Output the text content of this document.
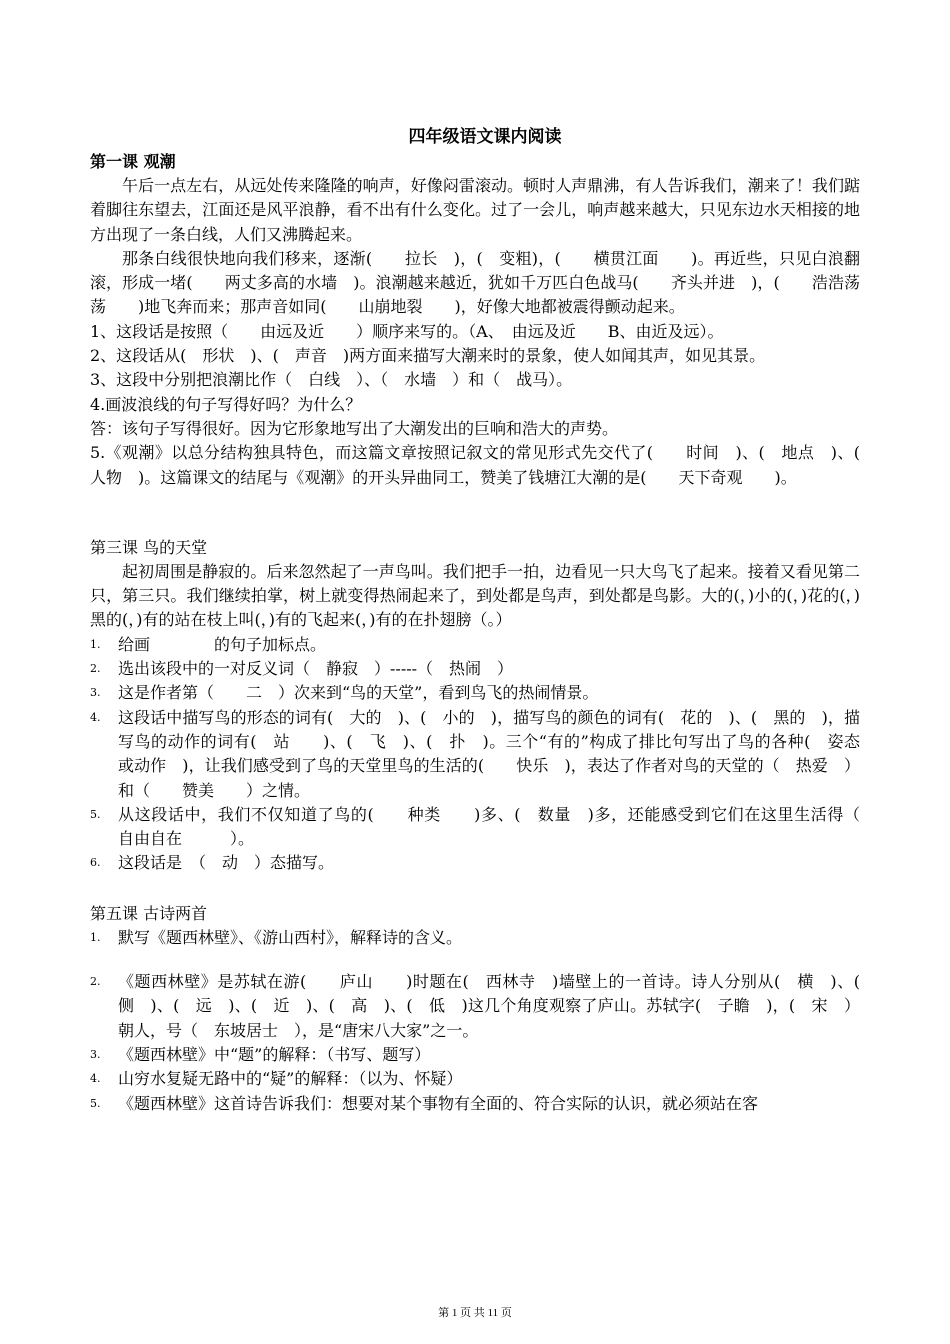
四年级语文课内阅读
第一课 观潮

午后一点左右，从远处传来隆隆的响声，好像闷雷滚动。顿时人声鼎沸，有人告诉我们，潮来了！我们踮着脚往东望去，江面还是风平浪静，看不出有什么变化。过了一会儿，响声越来越大，只见东边水天相接的地方出现了一条白线，人们又沸腾起来。

那条白线很快地向我们移来，逐渐(　　拉长　)，(　变粗)，(　　横贯江面　　)。再近些，只见白浪翻滚，形成一堵(　　两丈多高的水墙　)。浪潮越来越近，犹如千万匹白色战马(　　齐头并进　)，(　　浩浩荡荡　　)地飞奔而来；那声音如同(　　山崩地裂　　)，好像大地都被震得颤动起来。

1、这段话是按照（　　由远及近　　）顺序来写的。（A、　由远及近　　B、由近及远）。

2、这段话从(　形状　)、(　声音　)两方面来描写大潮来时的景象，使人如闻其声，如见其景。

3、这段中分别把浪潮比作（　白线　）、（　水墙　）和（　战马）。

4.画波浪线的句子写得好吗？为什么？

答：该句子写得很好。因为它形象地写出了大潮发出的巨响和浩大的声势。

5.《观潮》以总分结构独具特色，而这篇文章按照记叙文的常见形式先交代了(　　时间　)、(　地点　)、(　人物　)。这篇课文的结尾与《观潮》的开头异曲同工，赞美了钱塘江大潮的是(　　天下奇观　　)。

第三课 鸟的天堂

起初周围是静寂的。后来忽然起了一声鸟叫。我们把手一拍，边看见一只大鸟飞了起来。接着又看见第二只，第三只。我们继续拍掌，树上就变得热闹起来了，到处都是鸟声，到处都是鸟影。大的(，)小的(，)花的(，)黑的(，)有的站在枝上叫(，)有的飞起来(，)有的在扑翅膀（。）

1. 给画　　　　的句子加标点。
2. 选出该段中的一对反义词（　静寂　）-----（　热闹　）
3. 这是作者第（　　二　）次来到“鸟的天堂”，看到鸟飞的热闹情景。
4. 这段话中描写鸟的形态的词有(　大的　)、(　小的　)，描写鸟的颜色的词有(　花的　)、(　黑的　)，描写鸟的动作的词有(　站　　)、(　飞　)、(　扑　)。三个“有的”构成了排比句写出了鸟的各种(　姿态　或动作　)，让我们感受到了鸟的天堂里鸟的生活的(　　快乐　)，表达了作者对鸟的天堂的（　热爱　）和（　　赞美　　）之情。
5. 从这段话中，我们不仅知道了鸟的(　　种类　　)多、(　数量　)多，还能感受到它们在这里生活得（　　　自由自在　　　）。
6. 这段话是　（　动　）态描写。
第五课 古诗两首
1. 默写《题西林壁》、《游山西村》，解释诗的含义。
2. 《题西林壁》是苏轼在游(　　庐山　　)时题在(　西林寺　)墙壁上的一首诗。诗人分别从(　横　)、(　侧　)、(　远　)、(　近　)、(　高　)、(　低　)这几个角度观察了庐山。苏轼字(　子瞻　)，(　宋　）朝人，号（　东坡居士　），是“唐宋八大家”之一。
3. 《题西林壁》中“题”的解释：（书写、题写）
4. 山穷水复疑无路中的“疑”的解释：（以为、怀疑）
5. 《题西林壁》这首诗告诉我们：想要对某个事物有全面的、符合实际的认识，就必须站在客
第 1 页 共 11 页
